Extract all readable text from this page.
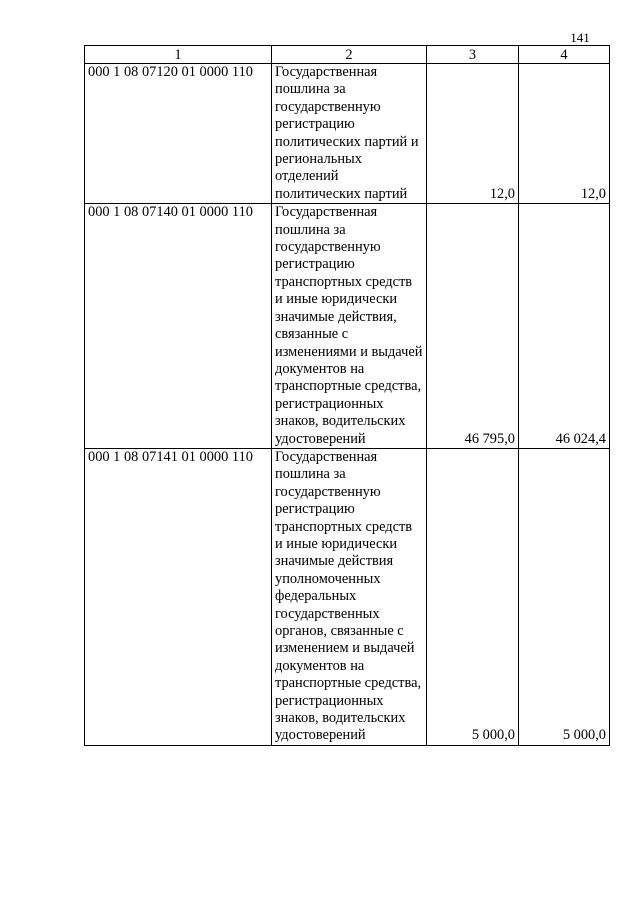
141
1	2	3	4
000 1 08 07120 01 0000 110	Государственная пошлина за государственную регистрацию политических партий и региональных отделений политических партий	12,0	12,0
000 1 08 07140 01 0000 110	Государственная пошлина за государственную регистрацию транспортных средств и иные юридически значимые действия, связанные с изменениями и выдачей документов на транспортные средства, регистрационных знаков, водительских удостоверений	46 795,0	46 024,4
000 1 08 07141 01 0000 110	Государственная пошлина за государственную регистрацию транспортных средств и иные юридически значимые действия уполномоченных федеральных государственных органов, связанные с изменением и выдачей документов на транспортные средства, регистрационных знаков, водительских удостоверений	5 000,0	5 000,0
